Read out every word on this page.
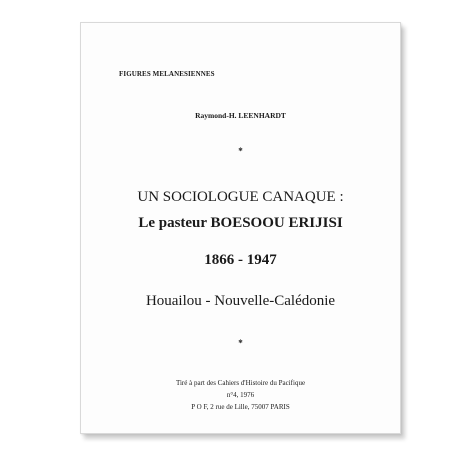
FIGURES MELANESIENNES
Raymond-H. LEENHARDT
*
UN SOCIOLOGUE CANAQUE :
Le pasteur BOESOOU ERIJISI
1866 - 1947
Houailou - Nouvelle-Calédonie
*
Tiré à part des Cahiers d'Histoire du Pacifique
n°4, 1976
P O F, 2 rue de Lille, 75007 PARIS
